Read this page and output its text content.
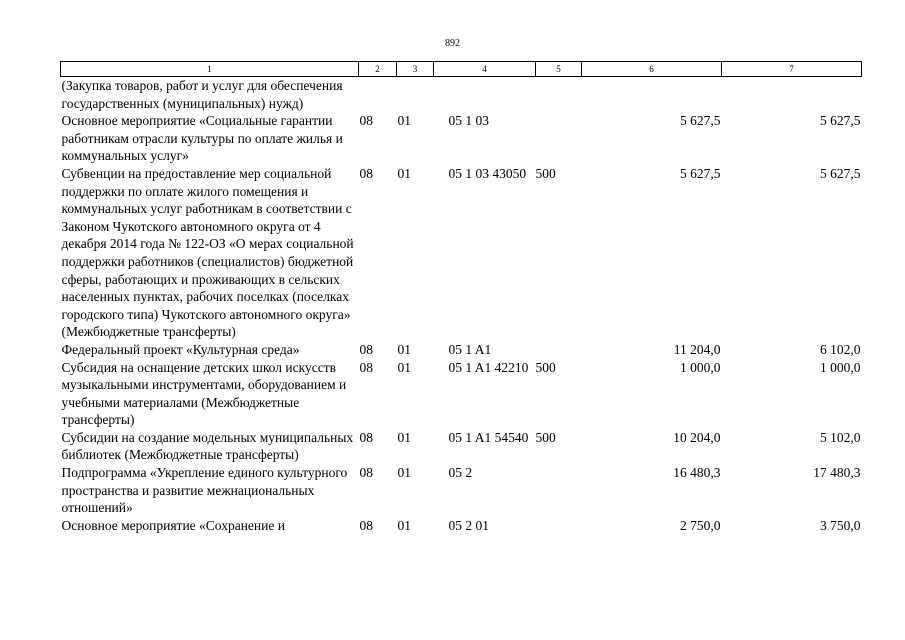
892
1	2	3	4	5	6	7
(Закупка товаров, работ и услуг для обеспечения государственных (муниципальных) нужд)						
Основное мероприятие «Социальные гарантии работникам отрасли культуры по оплате жилья и коммунальных услуг»	08	01	05 1 03		5 627,5	5 627,5
Субвенции на предоставление мер социальной поддержки по оплате жилого помещения и коммунальных услуг работникам в соответствии с Законом Чукотского автономного округа от 4 декабря 2014 года № 122-ОЗ «О мерах социальной поддержки работников (специалистов) бюджетной сферы, работающих и проживающих в сельских населенных пунктах, рабочих поселках (поселках городского типа) Чукотского автономного округа» (Межбюджетные трансферты)	08	01	05 1 03 43050	500	5 627,5	5 627,5
Федеральный проект «Культурная среда»	08	01	05 1 A1		11 204,0	6 102,0
Субсидия на оснащение детских школ искусств музыкальными инструментами, оборудованием и учебными материалами (Межбюджетные трансферты)	08	01	05 1 A1 42210	500	1 000,0	1 000,0
Субсидии на создание модельных муниципальных библиотек (Межбюджетные трансферты)	08	01	05 1 A1 54540	500	10 204,0	5 102,0
Подпрограмма «Укрепление единого культурного пространства и развитие межнациональных отношений»	08	01	05 2		16 480,3	17 480,3
Основное мероприятие «Сохранение и	08	01	05 2 01		2 750,0	3 750,0
